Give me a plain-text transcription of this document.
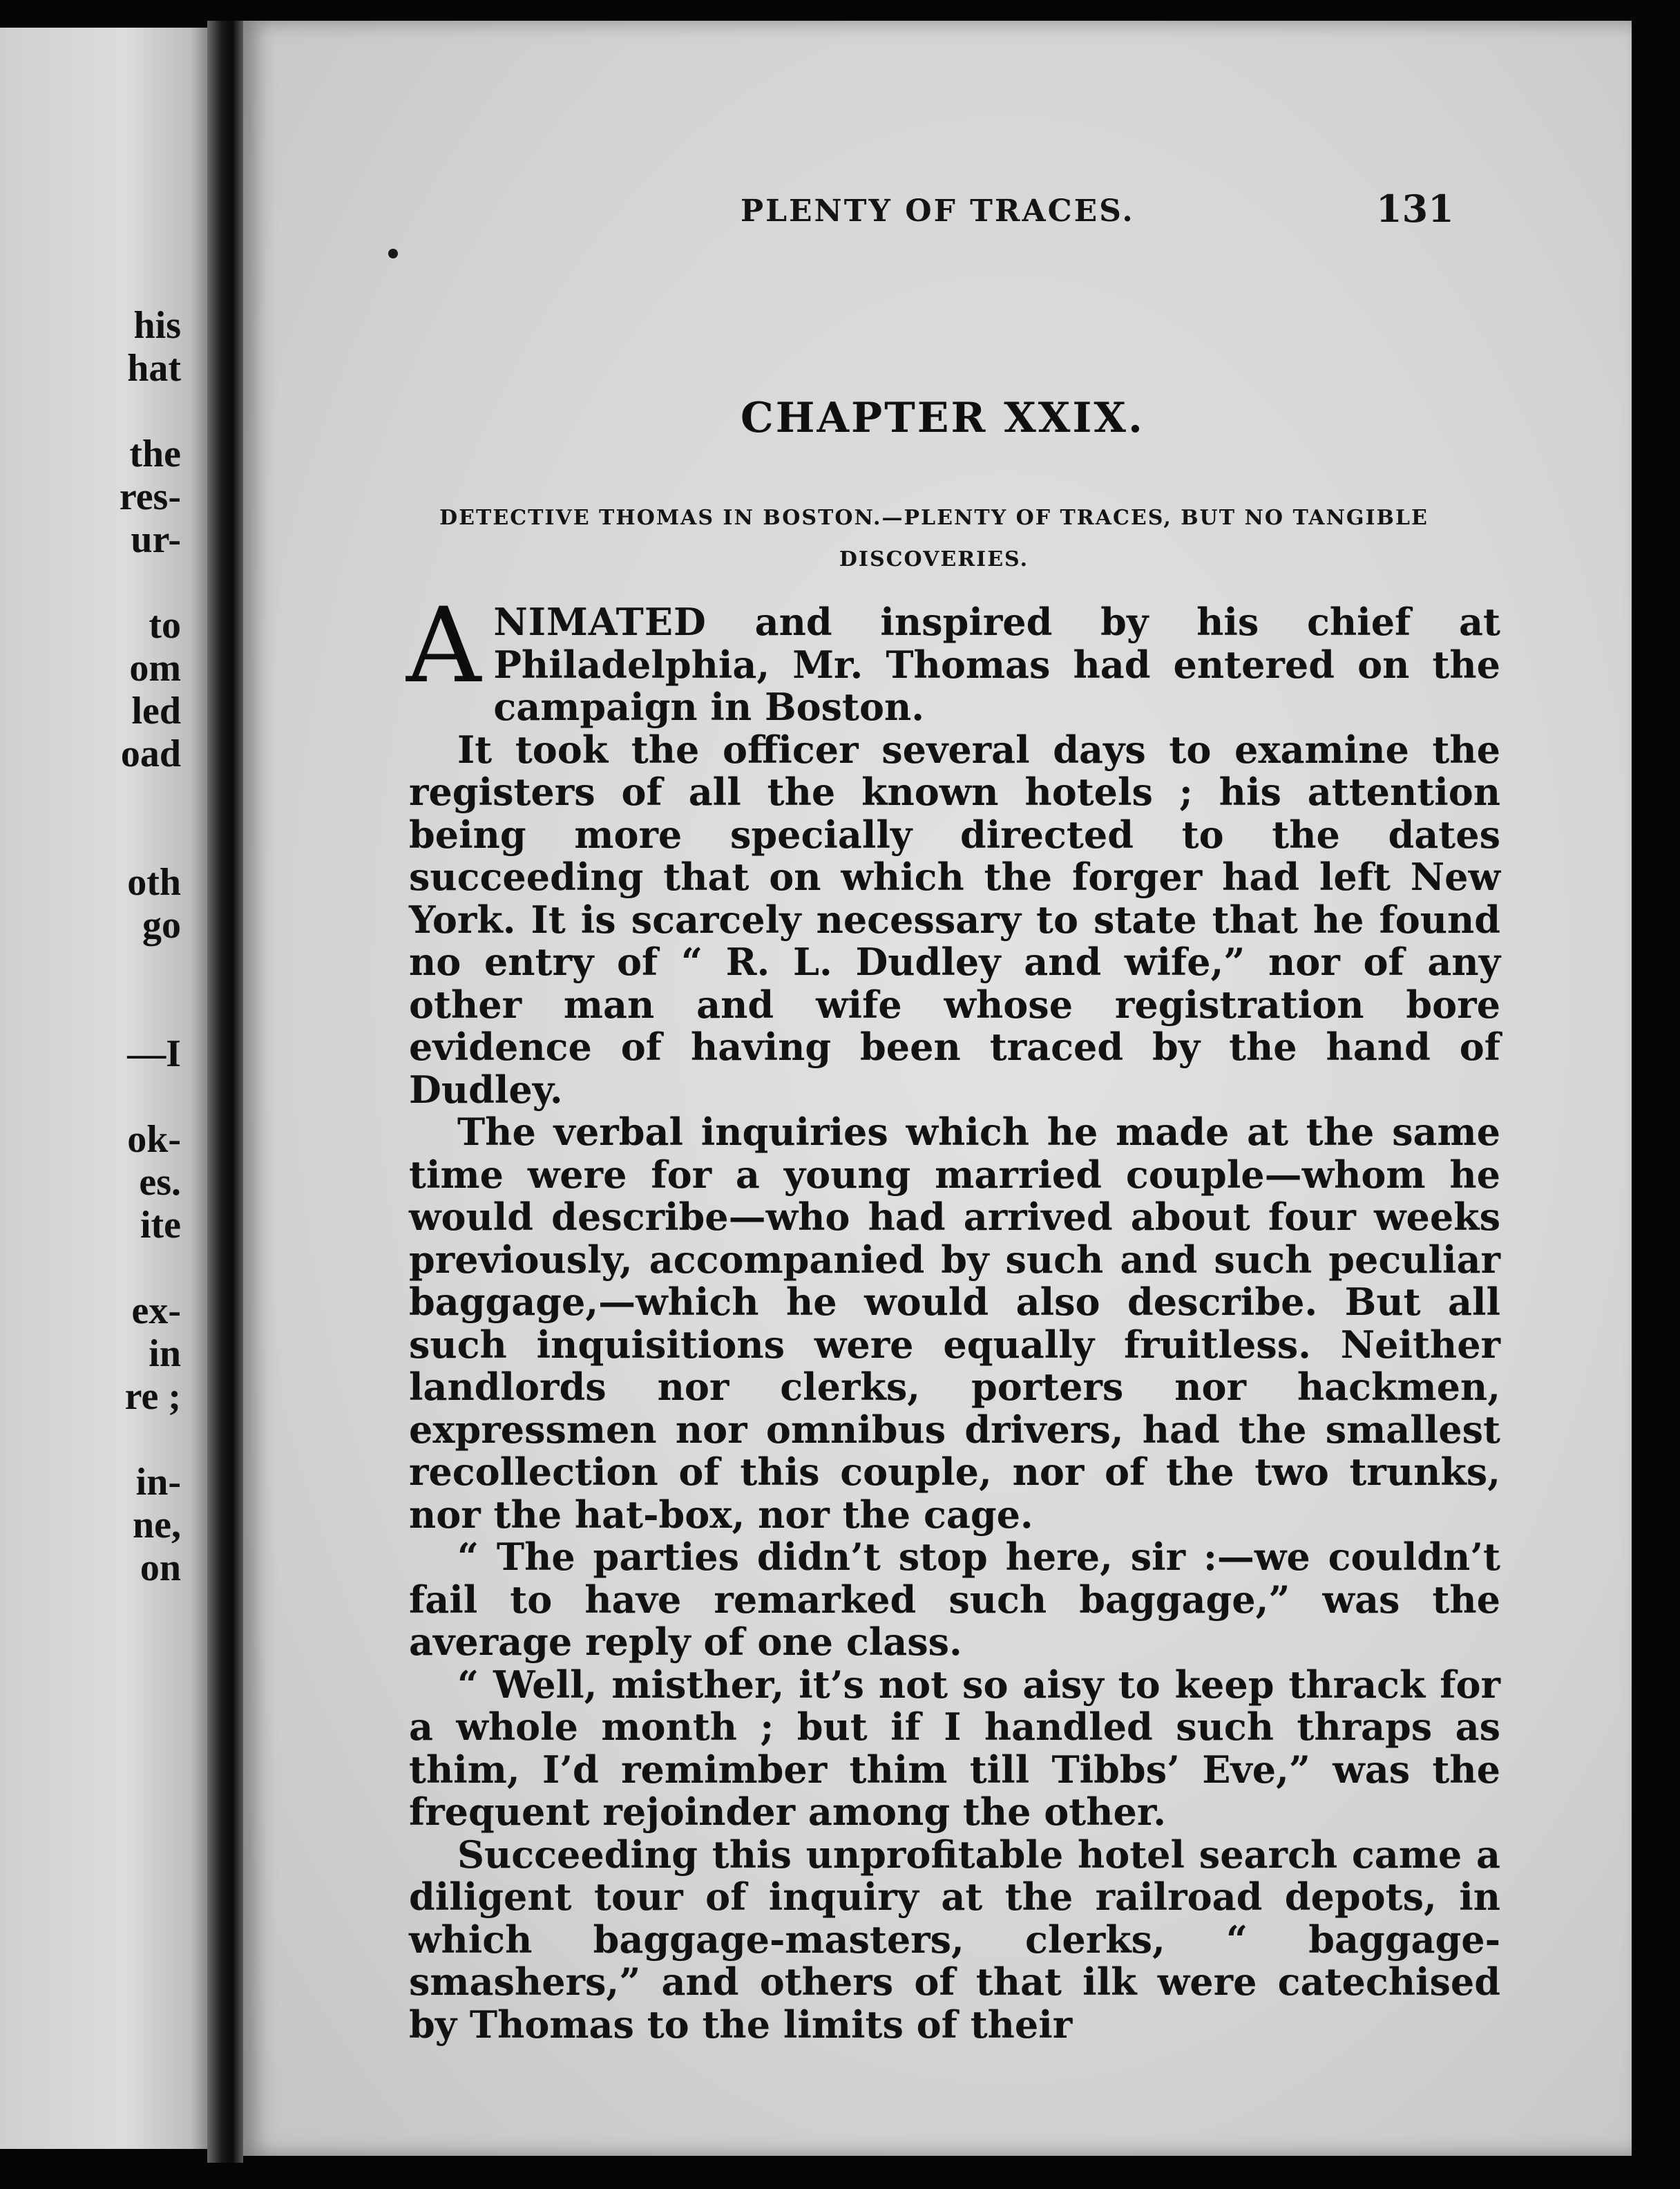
his
hat
the
res-
ur-
to
om
led
oad
oth
go
—I
ok-
es.
ite
ex-
in
re ;
in-
ne,
on
PLENTY OF TRACES.	131
CHAPTER XXIX.
DETECTIVE THOMAS IN BOSTON.—PLENTY OF TRACES, BUT NO TANGIBLE DISCOVERIES.

ANIMATED and inspired by his chief at Philadelphia, Mr. Thomas had entered on the campaign in Boston.

It took the officer several days to examine the registers of all the known hotels ; his attention being more specially directed to the dates succeeding that on which the forger had left New York. It is scarcely necessary to state that he found no entry of “ R. L. Dudley and wife,” nor of any other man and wife whose registration bore evidence of having been traced by the hand of Dudley.

The verbal inquiries which he made at the same time were for a young married couple—whom he would describe—who had arrived about four weeks previously, accompanied by such and such peculiar baggage,—which he would also describe. But all such inquisitions were equally fruitless. Neither landlords nor clerks, porters nor hackmen, expressmen nor omnibus drivers, had the smallest recollection of this couple, nor of the two trunks, nor the hat-box, nor the cage.

“ The parties didn’t stop here, sir :—we couldn’t fail to have remarked such baggage,” was the average reply of one class.

“ Well, misther, it’s not so aisy to keep thrack for a whole month ; but if I handled such thraps as thim, I’d remimber thim till Tibbs’ Eve,” was the frequent rejoinder among the other.

Succeeding this unprofitable hotel search came a diligent tour of inquiry at the railroad depots, in which baggage-masters, clerks, “ baggage-smashers,” and others of that ilk were catechised by Thomas to the limits of their
